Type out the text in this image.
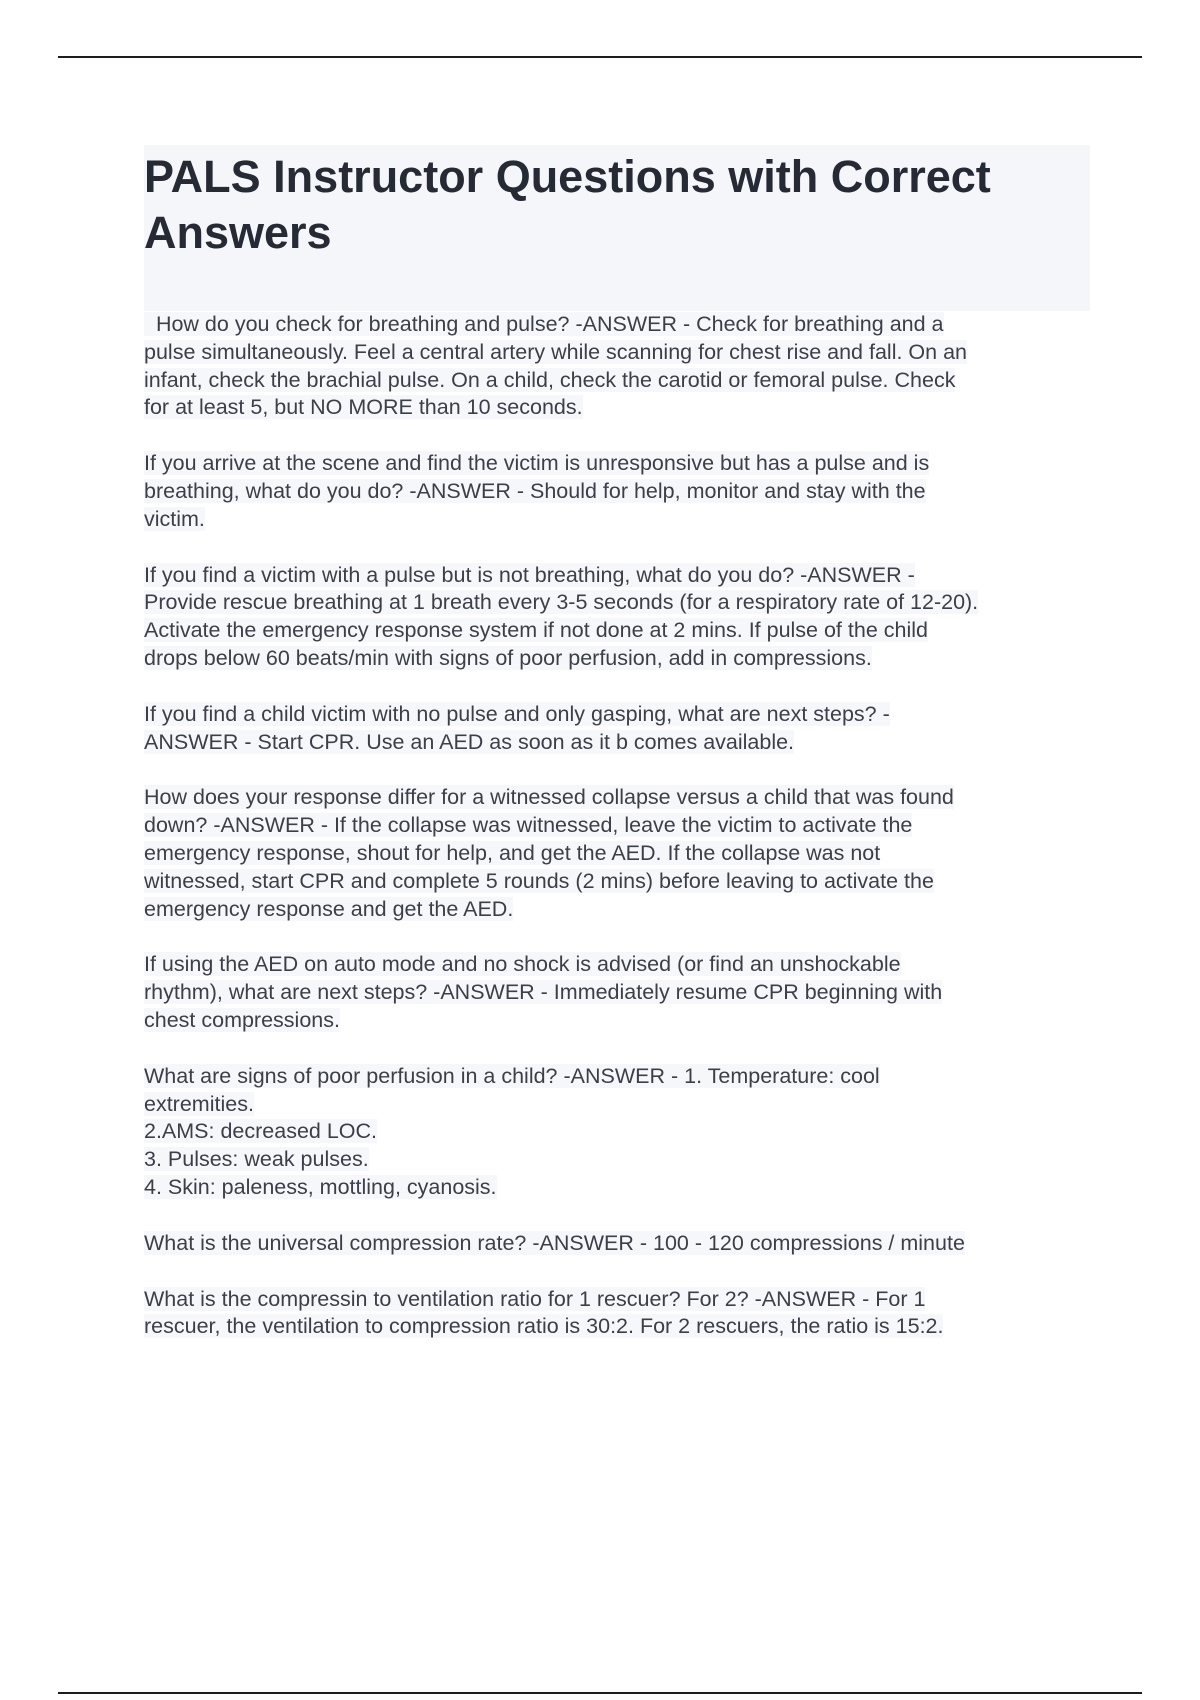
PALS Instructor Questions with Correct
Answers

How do you check for breathing and pulse? -ANSWER - Check for breathing and a
pulse simultaneously. Feel a central artery while scanning for chest rise and fall. On an
infant, check the brachial pulse. On a child, check the carotid or femoral pulse. Check
for at least 5, but NO MORE than 10 seconds.

If you arrive at the scene and find the victim is unresponsive but has a pulse and is
breathing, what do you do? -ANSWER - Should for help, monitor and stay with the
victim.

If you find a victim with a pulse but is not breathing, what do you do? -ANSWER -
Provide rescue breathing at 1 breath every 3-5 seconds (for a respiratory rate of 12-20).
Activate the emergency response system if not done at 2 mins. If pulse of the child
drops below 60 beats/min with signs of poor perfusion, add in compressions.

If you find a child victim with no pulse and only gasping, what are next steps? -
ANSWER - Start CPR. Use an AED as soon as it b comes available.

How does your response differ for a witnessed collapse versus a child that was found
down? -ANSWER - If the collapse was witnessed, leave the victim to activate the
emergency response, shout for help, and get the AED. If the collapse was not
witnessed, start CPR and complete 5 rounds (2 mins) before leaving to activate the
emergency response and get the AED.

If using the AED on auto mode and no shock is advised (or find an unshockable
rhythm), what are next steps? -ANSWER - Immediately resume CPR beginning with
chest compressions.

What are signs of poor perfusion in a child? -ANSWER - 1. Temperature: cool
extremities.
2.AMS: decreased LOC.
3. Pulses: weak pulses.
4. Skin: paleness, mottling, cyanosis.

What is the universal compression rate? -ANSWER - 100 - 120 compressions / minute

What is the compressin to ventilation ratio for 1 rescuer? For 2? -ANSWER - For 1
rescuer, the ventilation to compression ratio is 30:2. For 2 rescuers, the ratio is 15:2.
